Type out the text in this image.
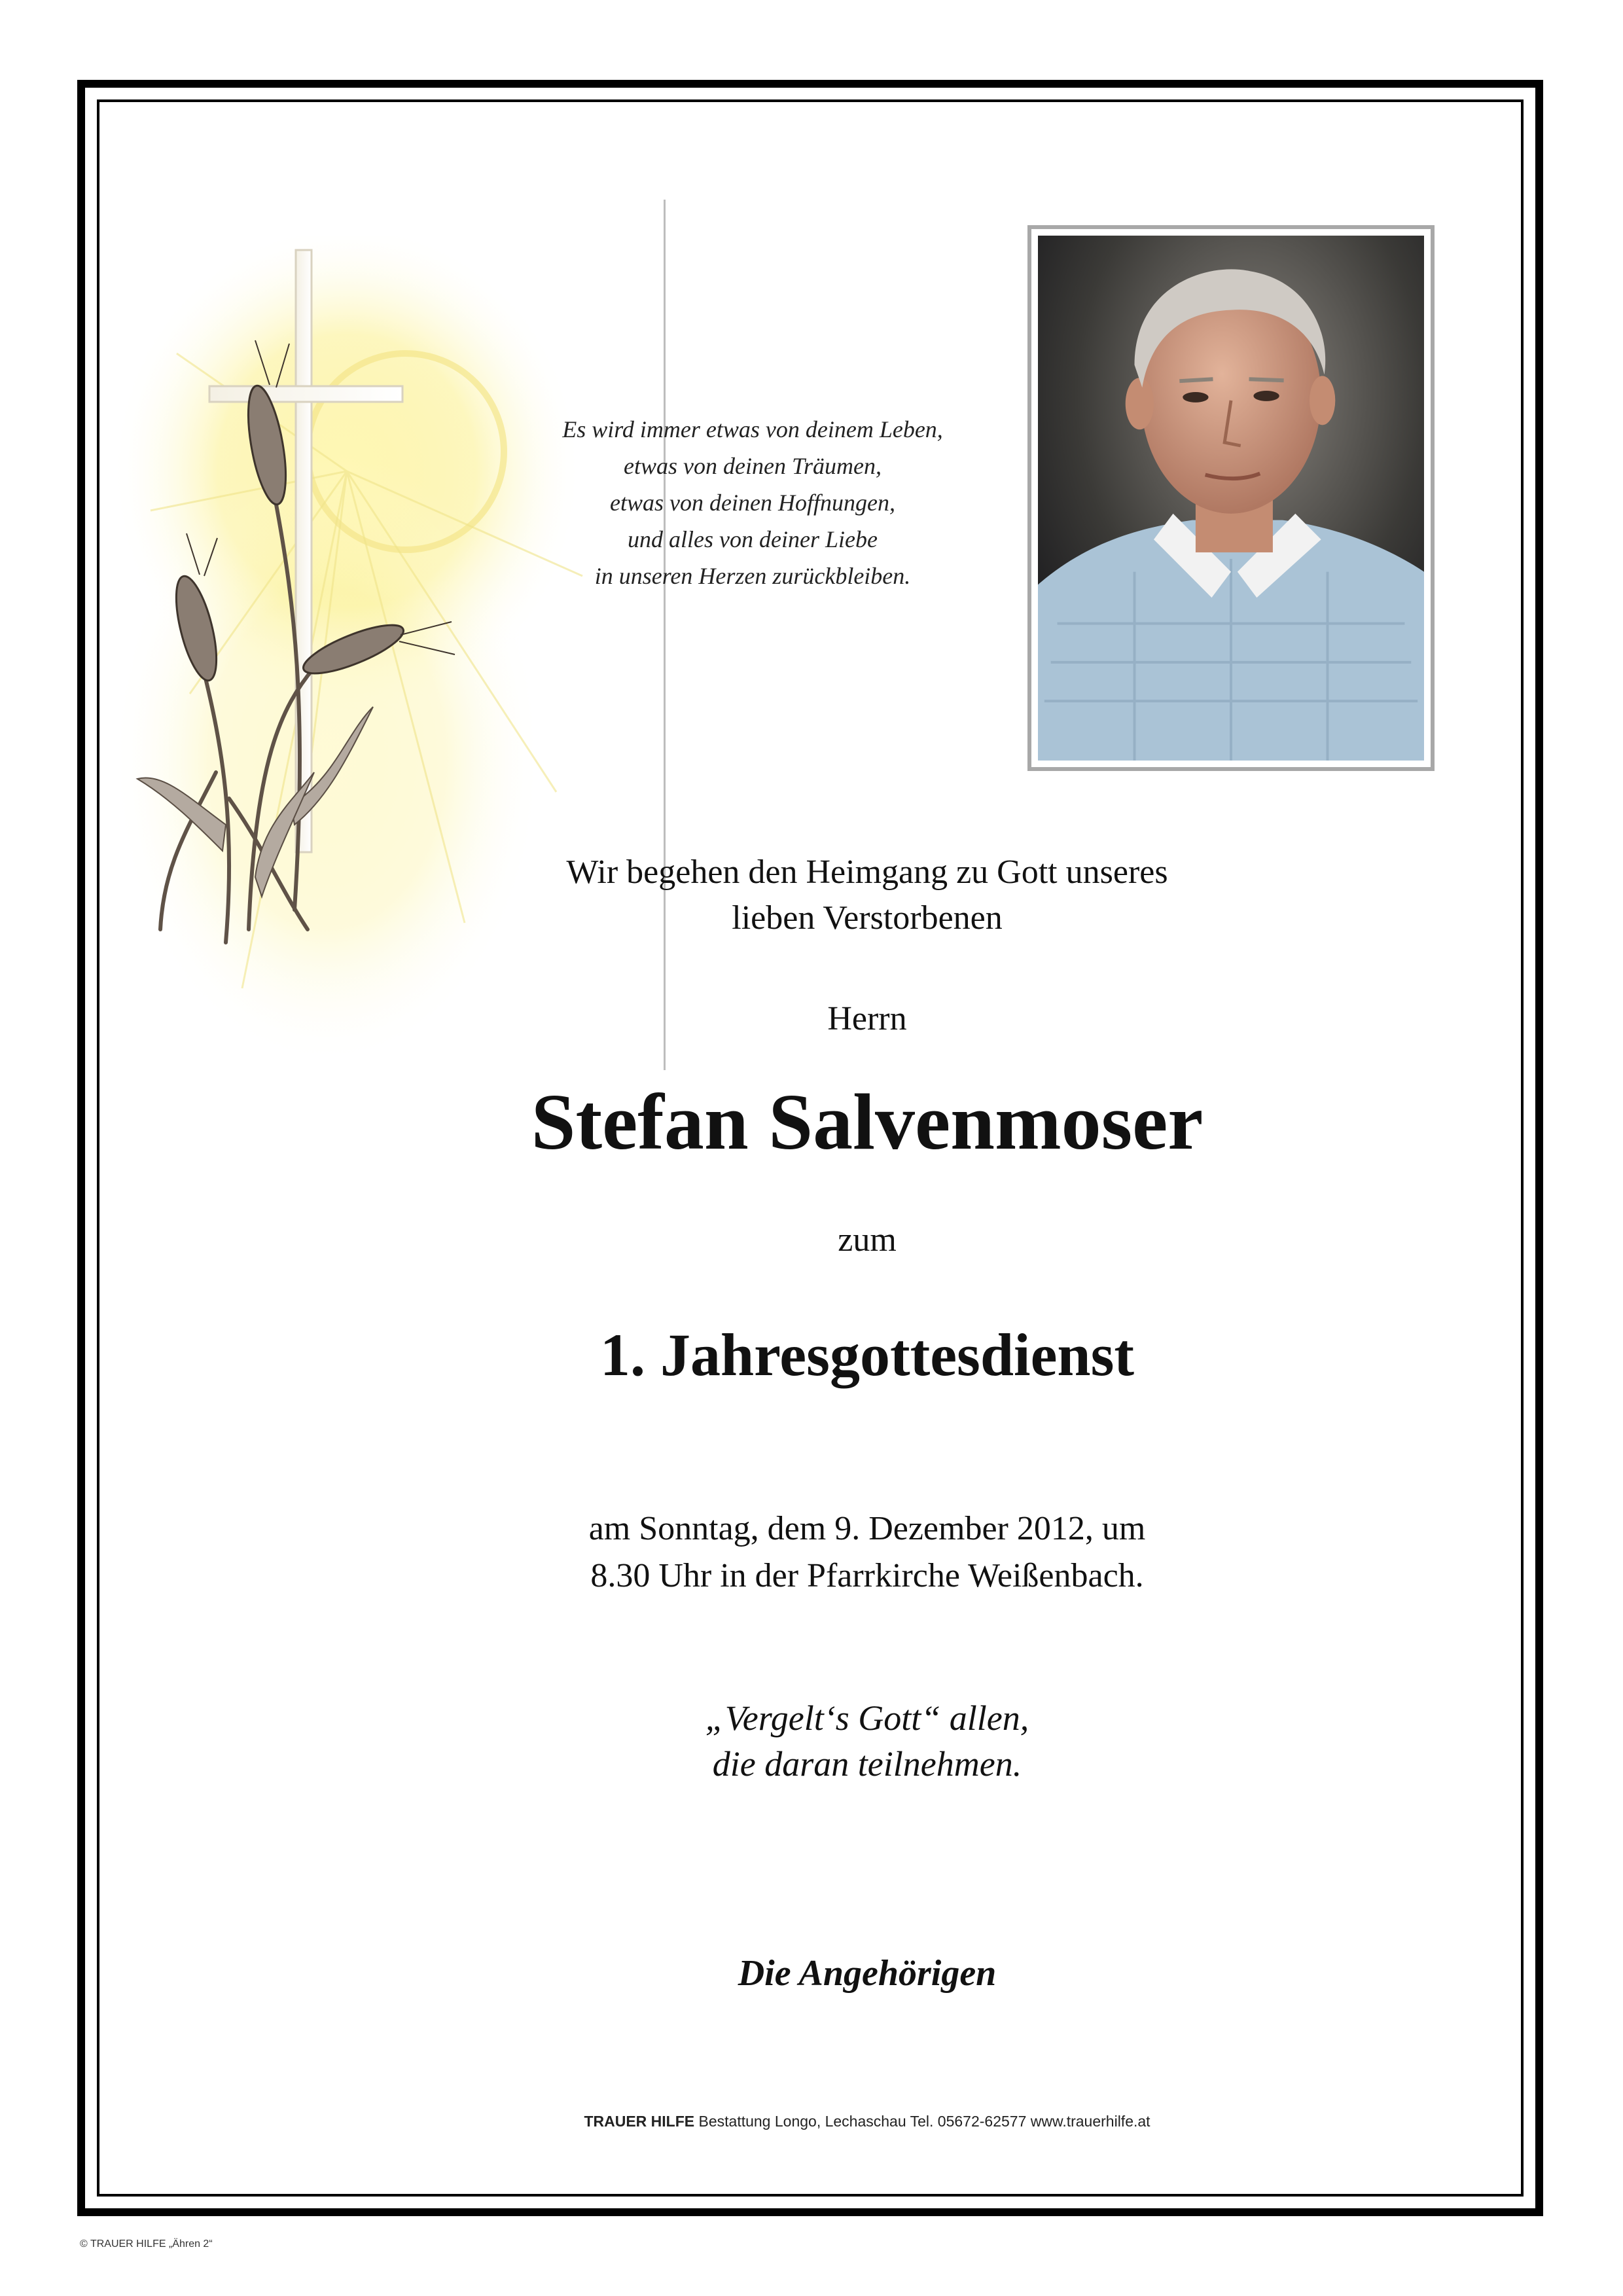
Es wird immer etwas von deinem Leben,
etwas von deinen Träumen,
etwas von deinen Hoffnungen,
und alles von deiner Liebe
in unseren Herzen zurückbleiben.
Wir begehen den Heimgang zu Gott unseres
lieben Verstorbenen
Herrn
Stefan Salvenmoser
zum
1. Jahresgottesdienst
am Sonntag, dem 9. Dezember 2012, um
8.30 Uhr in der Pfarrkirche Weißenbach.
„Vergelt‘s Gott“ allen,
die daran teilnehmen.
Die Angehörigen
TRAUER HILFE Bestattung Longo, Lechaschau Tel. 05672-62577 www.trauerhilfe.at
© TRAUER HILFE „Ähren 2“
